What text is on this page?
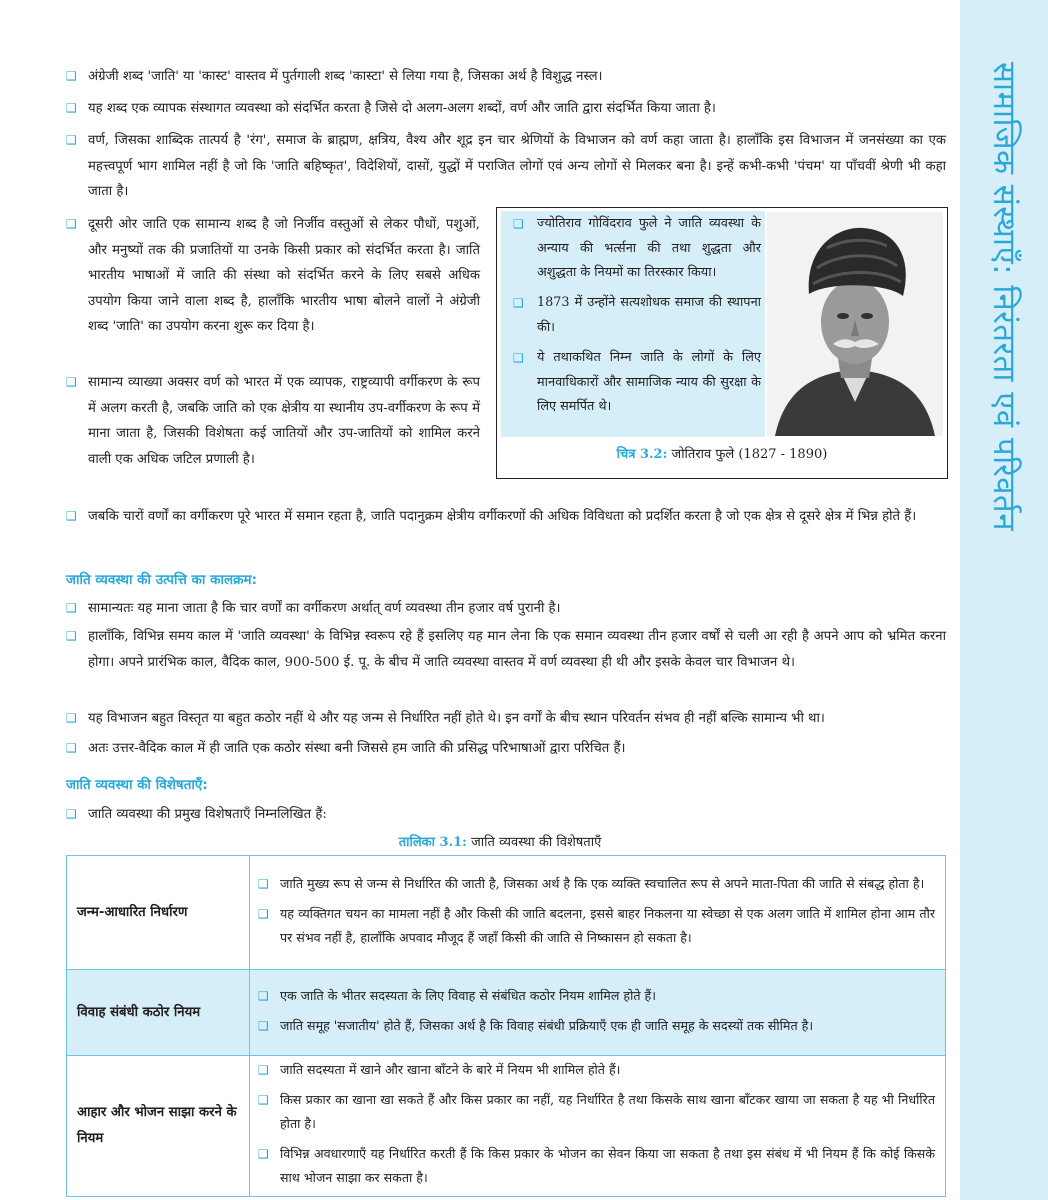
❑ अंग्रेजी शब्द 'जाति' या 'कास्ट' वास्तव में पुर्तगाली शब्द 'कास्टा' से लिया गया है, जिसका अर्थ है विशुद्ध नस्ल।
❑ यह शब्द एक व्यापक संस्थागत व्यवस्था को संदर्भित करता है जिसे दो अलग-अलग शब्दों, वर्ण और जाति द्वारा संदर्भित किया जाता है।
❑ वर्ण, जिसका शाब्दिक तात्पर्य है 'रंग', समाज के ब्राह्मण, क्षत्रिय, वैश्य और शूद्र इन चार श्रेणियों के विभाजन को वर्ण कहा जाता है। हालाँकि इस विभाजन में जनसंख्या का एक महत्त्वपूर्ण भाग शामिल नहीं है जो कि 'जाति बहिष्कृत', विदेशियों, दासों, युद्धों में पराजित लोगों एवं अन्य लोगों से मिलकर बना है। इन्हें कभी-कभी 'पंचम' या पाँचवीं श्रेणी भी कहा जाता है।
❑ दूसरी ओर जाति एक सामान्य शब्द है जो निर्जीव वस्तुओं से लेकर पौधों, पशुओं, और मनुष्यों तक की प्रजातियों या उनके किसी प्रकार को संदर्भित करता है। जाति भारतीय भाषाओं में जाति की संस्था को संदर्भित करने के लिए सबसे अधिक उपयोग किया जाने वाला शब्द है, हालाँकि भारतीय भाषा बोलने वालों ने अंग्रेजी शब्द 'जाति' का उपयोग करना शुरू कर दिया है।
❑ सामान्य व्याख्या अक्सर वर्ण को भारत में एक व्यापक, राष्ट्रव्यापी वर्गीकरण के रूप में अलग करती है, जबकि जाति को एक क्षेत्रीय या स्थानीय उप-वर्गीकरण के रूप में माना जाता है, जिसकी विशेषता कई जातियों और उप-जातियों को शामिल करने वाली एक अधिक जटिल प्रणाली है।
❑ ज्योतिराव गोविंदराव फुले ने जाति व्यवस्था के अन्याय की भर्त्सना की तथा शुद्धता और अशुद्धता के नियमों का तिरस्कार किया।
❑ 1873 में उन्होंने सत्यशोधक समाज की स्थापना की।
❑ ये तथाकथित निम्न जाति के लोगों के लिए मानवाधिकारों और सामाजिक न्याय की सुरक्षा के लिए समर्पित थे।
चित्र 3.2: जोतिराव फुले (1827 - 1890)
❑ जबकि चारों वर्णों का वर्गीकरण पूरे भारत में समान रहता है, जाति पदानुक्रम क्षेत्रीय वर्गीकरणों की अधिक विविधता को प्रदर्शित करता है जो एक क्षेत्र से दूसरे क्षेत्र में भिन्न होते हैं।
जाति व्यवस्था की उत्पत्ति का कालक्रम:
❑ सामान्यतः यह माना जाता है कि चार वर्णों का वर्गीकरण अर्थात् वर्ण व्यवस्था तीन हजार वर्ष पुरानी है।
❑ हालाँकि, विभिन्न समय काल में 'जाति व्यवस्था' के विभिन्न स्वरूप रहे हैं इसलिए यह मान लेना कि एक समान व्यवस्था तीन हजार वर्षों से चली आ रही है अपने आप को भ्रमित करना होगा। अपने प्रारंभिक काल, वैदिक काल, 900-500 ई. पू. के बीच में जाति व्यवस्था वास्तव में वर्ण व्यवस्था ही थी और इसके केवल चार विभाजन थे।
❑ यह विभाजन बहुत विस्तृत या बहुत कठोर नहीं थे और यह जन्म से निर्धारित नहीं होते थे। इन वर्गों के बीच स्थान परिवर्तन संभव ही नहीं बल्कि सामान्य भी था।
❑ अतः उत्तर-वैदिक काल में ही जाति एक कठोर संस्था बनी जिससे हम जाति की प्रसिद्ध परिभाषाओं द्वारा परिचित हैं।
जाति व्यवस्था की विशेषताएँ:
❑ जाति व्यवस्था की प्रमुख विशेषताएँ निम्नलिखित हैं:
तालिका 3.1: जाति व्यवस्था की विशेषताएँ
जन्म-आधारित निर्धारण	❑ जाति मुख्य रूप से जन्म से निर्धारित की जाती है, जिसका अर्थ है कि एक व्यक्ति स्वचालित रूप से अपने माता-पिता की जाति से संबद्ध होता है।
❑ यह व्यक्तिगत चयन का मामला नहीं है और किसी की जाति बदलना, इससे बाहर निकलना या स्वेच्छा से एक अलग जाति में शामिल होना आम तौर पर संभव नहीं है, हालाँकि अपवाद मौजूद हैं जहाँ किसी की जाति से निष्कासन हो सकता है।

विवाह संबंधी कठोर नियम	❑ एक जाति के भीतर सदस्यता के लिए विवाह से संबंधित कठोर नियम शामिल होते हैं।
❑ जाति समूह 'सजातीय' होते हैं, जिसका अर्थ है कि विवाह संबंधी प्रक्रियाएँ एक ही जाति समूह के सदस्यों तक सीमित है।

आहार और भोजन साझा करने के नियम	❑ जाति सदस्यता में खाने और खाना बाँटने के बारे में नियम भी शामिल होते हैं।
❑ किस प्रकार का खाना खा सकते हैं और किस प्रकार का नहीं, यह निर्धारित है तथा किसके साथ खाना बाँटकर खाया जा सकता है यह भी निर्धारित होता है।
❑ विभिन्न अवधारणाएँ यह निर्धारित करती हैं कि किस प्रकार के भोजन का सेवन किया जा सकता है तथा इस संबंध में भी नियम हैं कि कोई किसके साथ भोजन साझा कर सकता है।
सामाजिक संस्थाएँ: निरंतरता एवं परिवर्तन
